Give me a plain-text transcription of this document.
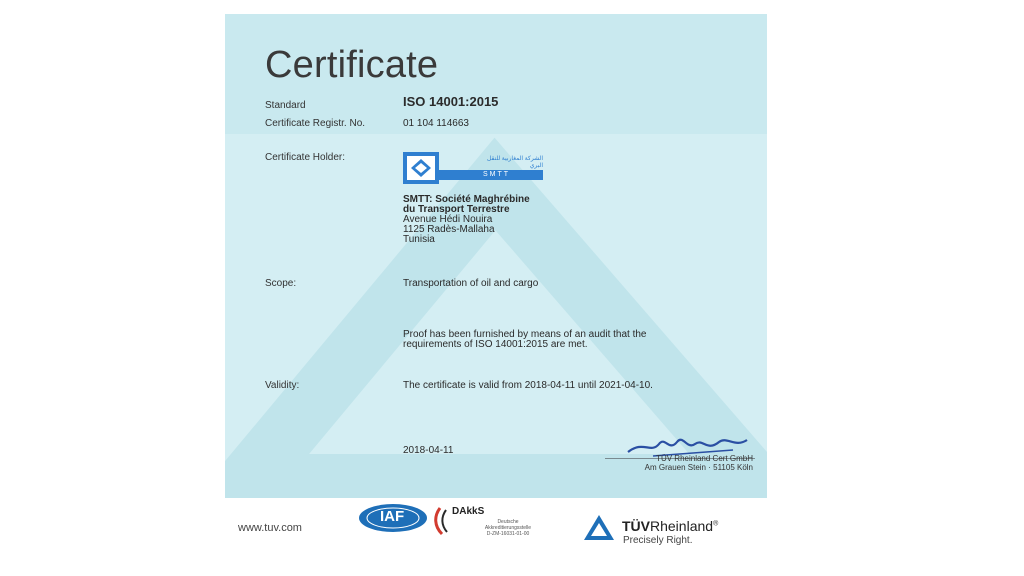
Certificate
Standard	ISO 14001:2015
Certificate Registr. No.	01 104 114663
Certificate Holder:	الشركة المغاربية للنقل البري
SMTT
SMTT: Société Maghrébine
du Transport Terrestre
Avenue Hédi Nouira
1125 Radès-Mallaha
Tunisia
Scope:	Transportation of oil and cargo
Proof has been furnished by means of an audit that the
requirements of ISO 14001:2015 are met.
Validity:	The certificate is valid from 2018-04-11 until 2021-04-10.
2018-04-11
TÜV Rheinland Cert GmbH
Am Grauen Stein · 51105 Köln
www.tuv.com
IAF	DAkkS
Deutsche
Akkreditierungsstelle
D-ZM-16031-01-00	TÜVRheinland®
Precisely Right.
